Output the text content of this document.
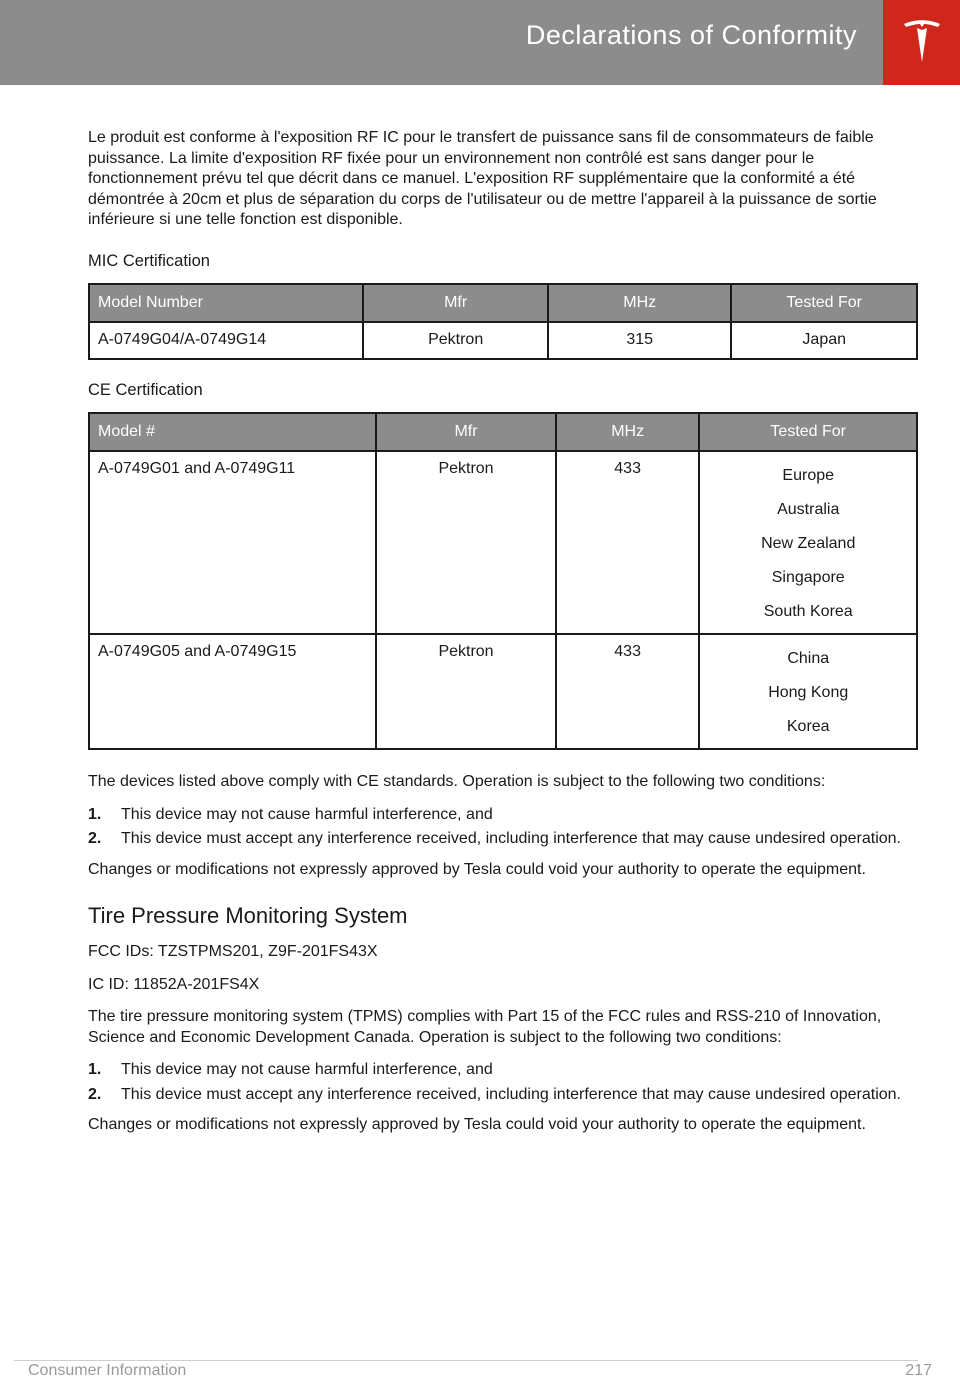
Declarations of Conformity

Le produit est conforme à l'exposition RF IC pour le transfert de puissance sans fil de consommateurs de faible puissance. La limite d'exposition RF fixée pour un environnement non contrôlé est sans danger pour le fonctionnement prévu tel que décrit dans ce manuel. L'exposition RF supplémentaire que la conformité a été démontrée à 20cm et plus de séparation du corps de l'utilisateur ou de mettre l'appareil à la puissance de sortie inférieure si une telle fonction est disponible.

MIC Certification
Model Number	Mfr	MHz	Tested For
A-0749G04/A-0749G14	Pektron	315	Japan
CE Certification
Model #	Mfr	MHz	Tested For
A-0749G01 and A-0749G11	Pektron	433	Europe
Australia
New Zealand
Singapore
South Korea

A-0749G05 and A-0749G15	Pektron	433	China
Hong Kong
Korea

The devices listed above comply with CE standards. Operation is subject to the following two conditions:

1. This device may not cause harmful interference, and
2. This device must accept any interference received, including interference that may cause undesired operation.

Changes or modifications not expressly approved by Tesla could void your authority to operate the equipment.

Tire Pressure Monitoring System

FCC IDs: TZSTPMS201, Z9F-201FS43X

IC ID: 11852A-201FS4X

The tire pressure monitoring system (TPMS) complies with Part 15 of the FCC rules and RSS-210 of Innovation, Science and Economic Development Canada. Operation is subject to the following two conditions:

1. This device may not cause harmful interference, and
2. This device must accept any interference received, including interference that may cause undesired operation.

Changes or modifications not expressly approved by Tesla could void your authority to operate the equipment.

Consumer Information	217
